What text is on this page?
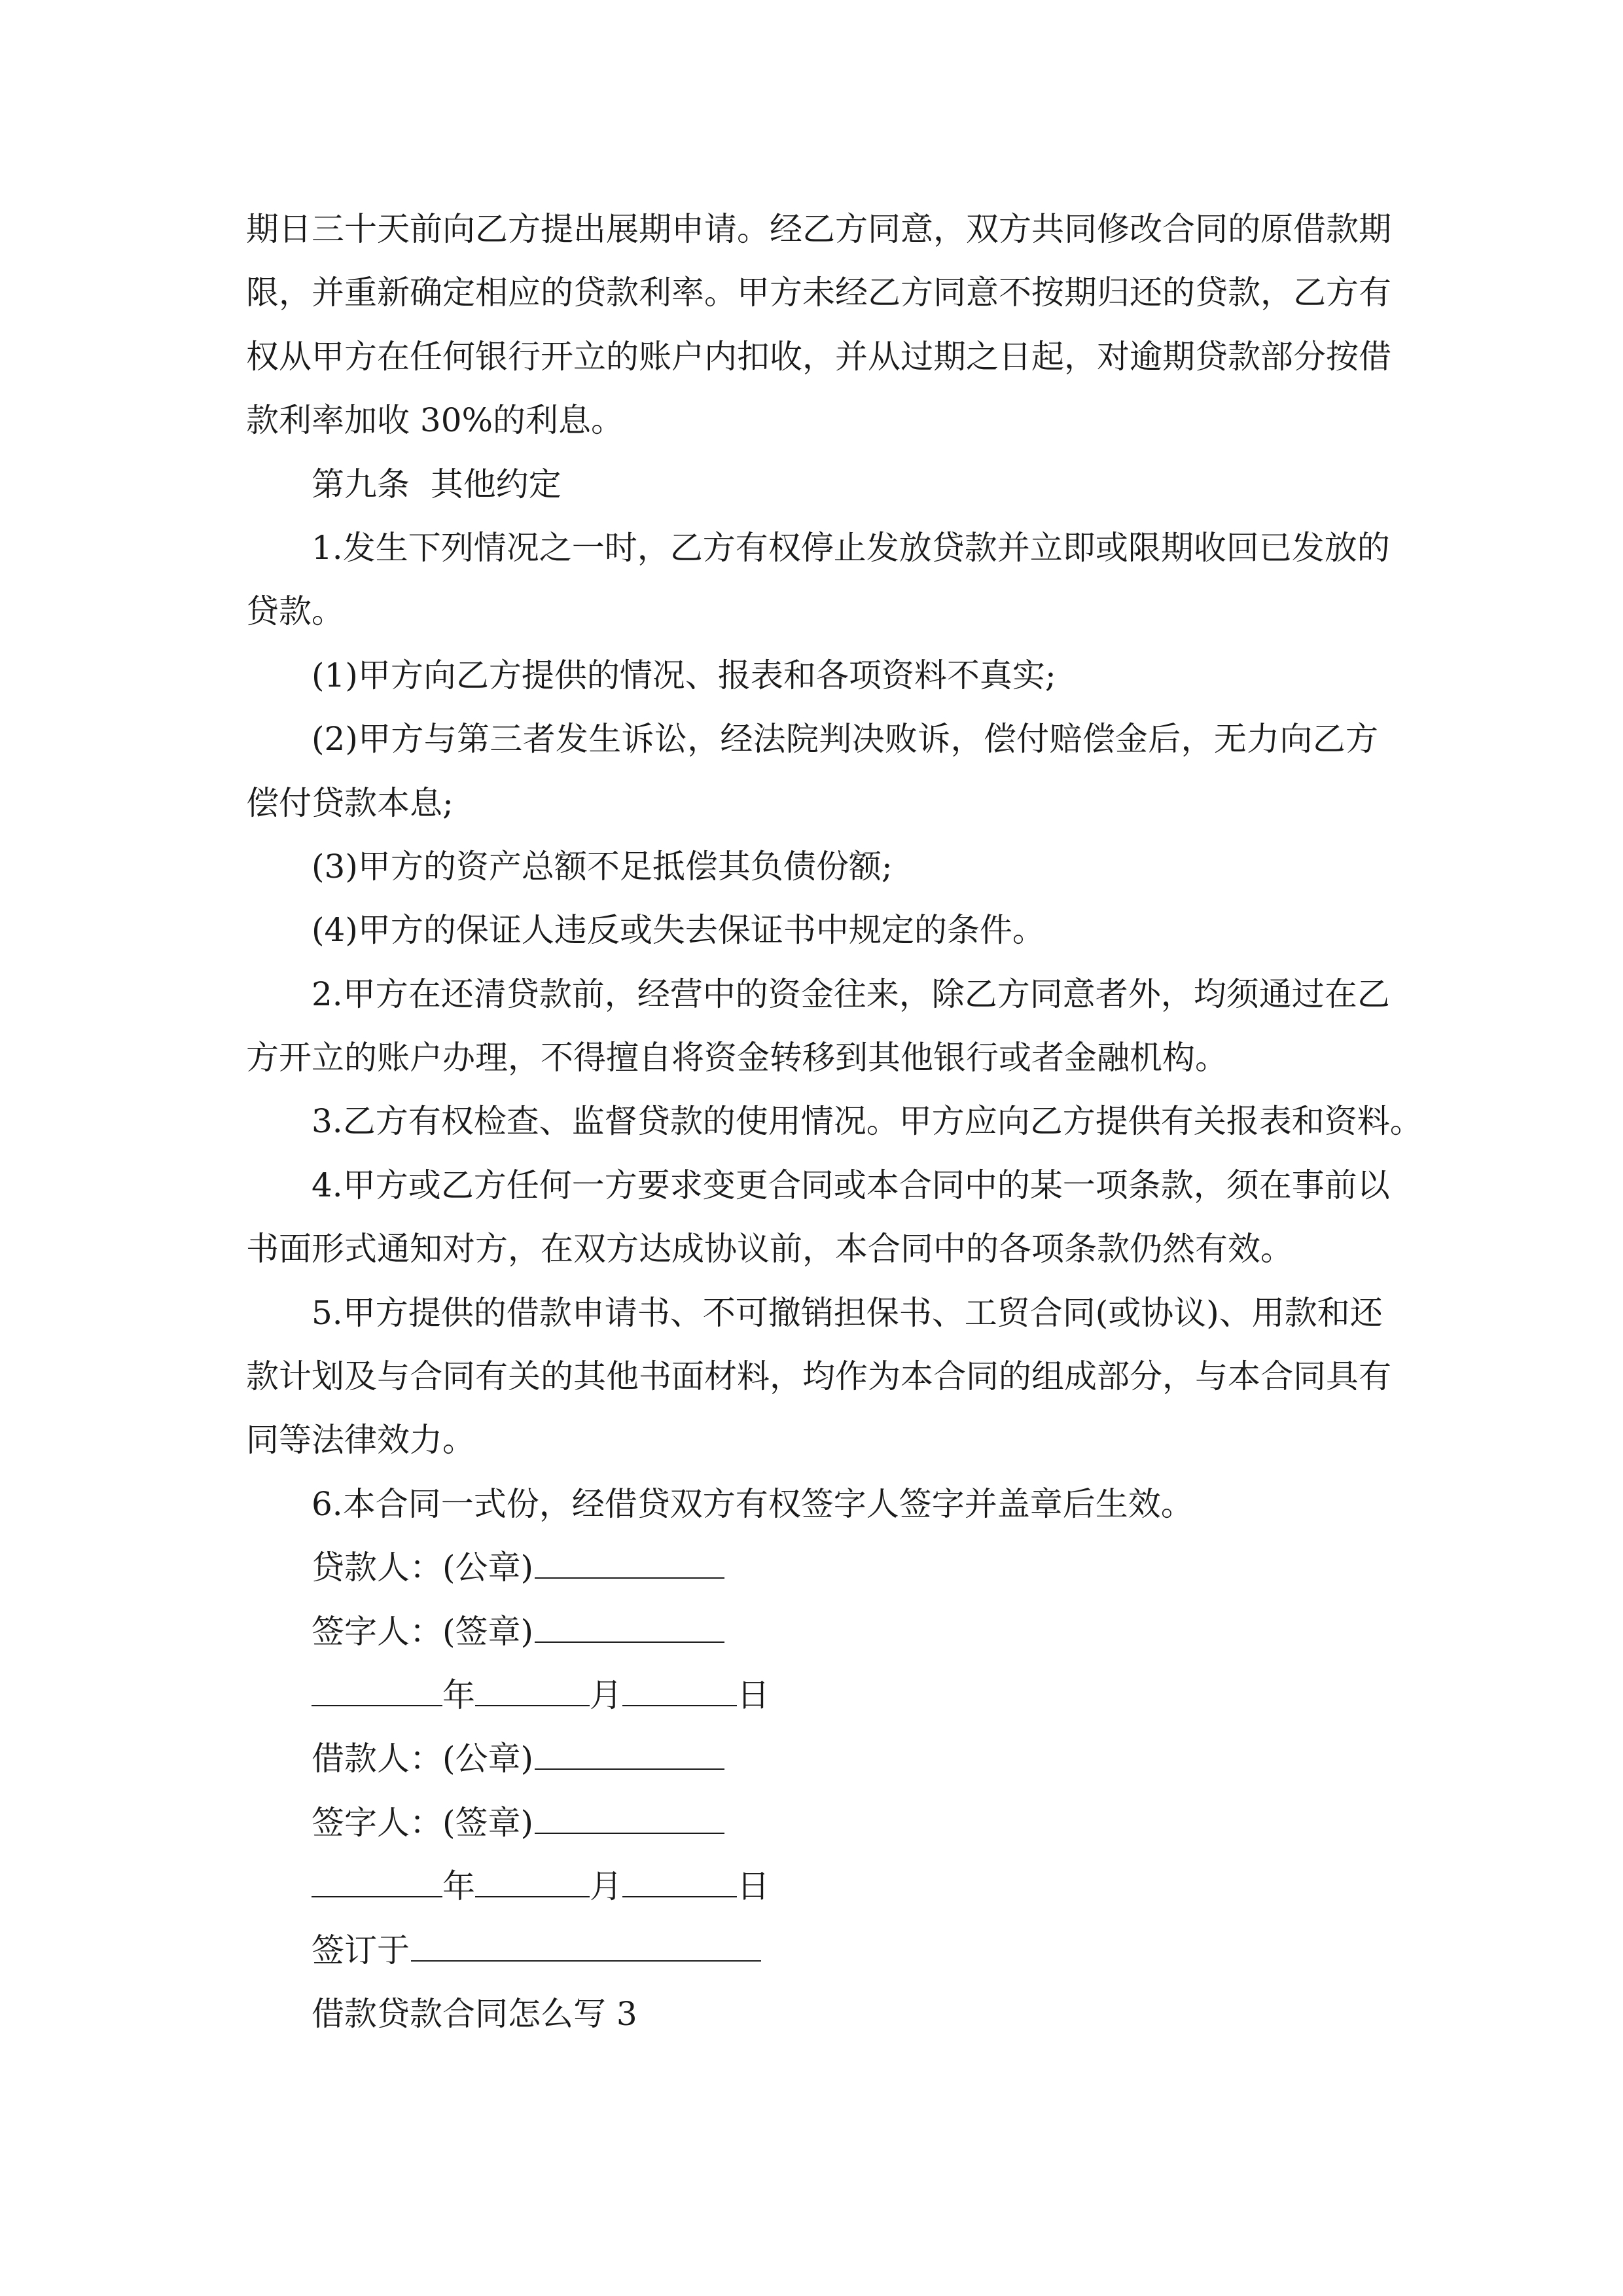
期日三十天前向乙方提出展期申请。经乙方同意，双方共同修改合同的原借款期
限，并重新确定相应的贷款利率。甲方未经乙方同意不按期归还的贷款，乙方有
权从甲方在任何银行开立的账户内扣收，并从过期之日起，对逾期贷款部分按借
款利率加收 30%的利息。
第九条  其他约定
1.发生下列情况之一时，乙方有权停止发放贷款并立即或限期收回已发放的
贷款。
(1)甲方向乙方提供的情况、报表和各项资料不真实;
(2)甲方与第三者发生诉讼，经法院判决败诉，偿付赔偿金后，无力向乙方
偿付贷款本息;
(3)甲方的资产总额不足抵偿其负债份额;
(4)甲方的保证人违反或失去保证书中规定的条件。
2.甲方在还清贷款前，经营中的资金往来，除乙方同意者外，均须通过在乙
方开立的账户办理，不得擅自将资金转移到其他银行或者金融机构。
3.乙方有权检查、监督贷款的使用情况。甲方应向乙方提供有关报表和资料。
4.甲方或乙方任何一方要求变更合同或本合同中的某一项条款，须在事前以
书面形式通知对方，在双方达成协议前，本合同中的各项条款仍然有效。
5.甲方提供的借款申请书、不可撤销担保书、工贸合同(或协议)、用款和还
款计划及与合同有关的其他书面材料，均作为本合同的组成部分，与本合同具有
同等法律效力。
6.本合同一式份，经借贷双方有权签字人签字并盖章后生效。
贷款人：(公章)
签字人：(签章)
年	月	日
借款人：(公章)
签字人：(签章)
年	月	日
签订于
借款贷款合同怎么写 3
